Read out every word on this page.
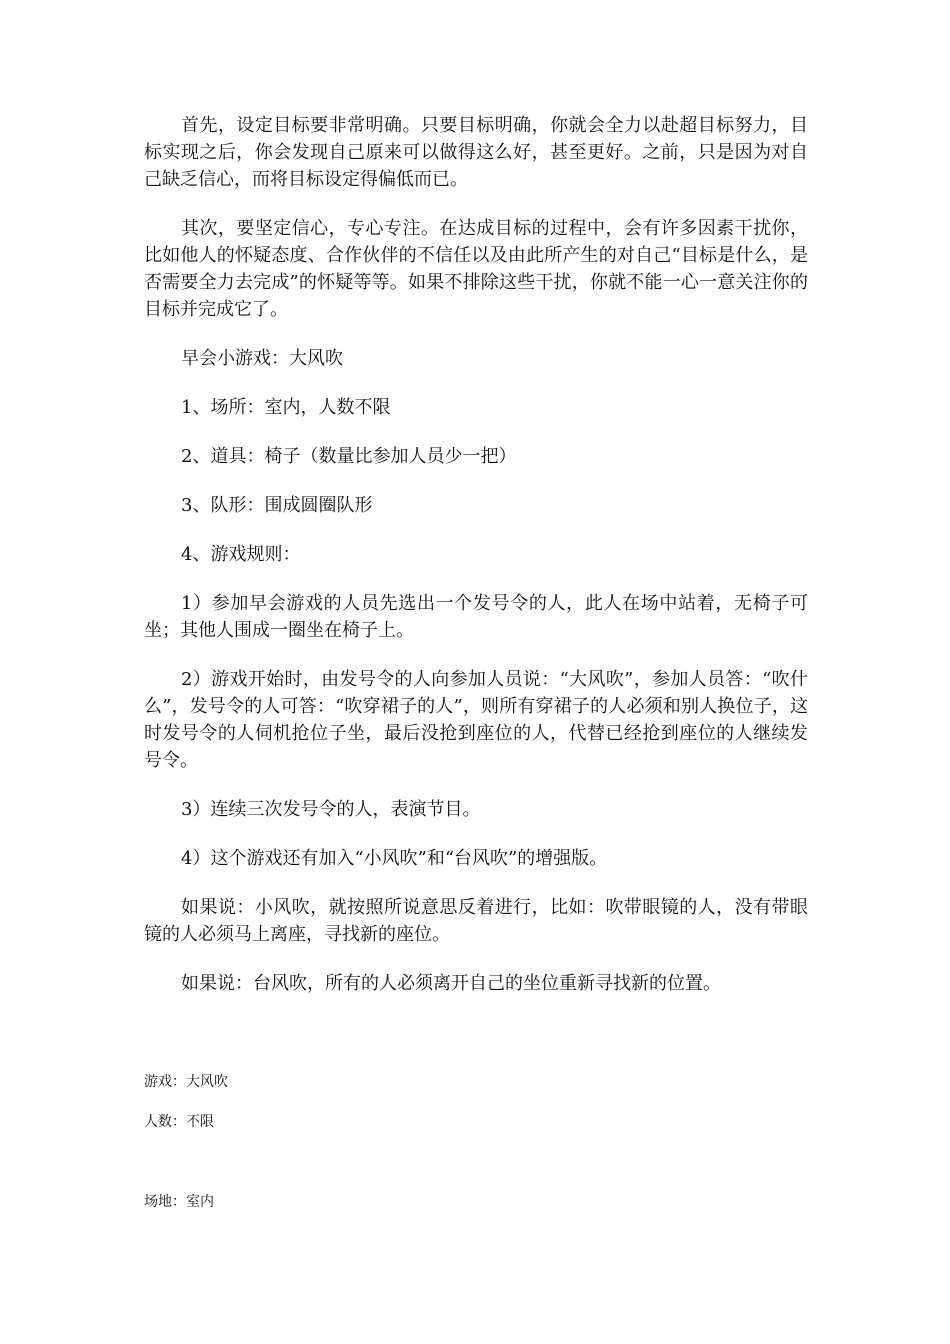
首先，设定目标要非常明确。只要目标明确，你就会全力以赴超目标努力，目标实现之后，你会发现自己原来可以做得这么好，甚至更好。之前，只是因为对自己缺乏信心，而将目标设定得偏低而已。

其次，要坚定信心，专心专注。在达成目标的过程中，会有许多因素干扰你，比如他人的怀疑态度、合作伙伴的不信任以及由此所产生的对自己“目标是什么，是否需要全力去完成”的怀疑等等。如果不排除这些干扰，你就不能一心一意关注你的目标并完成它了。

早会小游戏：大风吹

1、场所：室内，人数不限

2、道具：椅子（数量比参加人员少一把）

3、队形：围成圆圈队形

4、游戏规则：

1）参加早会游戏的人员先选出一个发号令的人，此人在场中站着，无椅子可坐；其他人围成一圈坐在椅子上。

2）游戏开始时，由发号令的人向参加人员说：“大风吹”，参加人员答：“吹什么”，发号令的人可答：“吹穿裙子的人”，则所有穿裙子的人必须和别人换位子，这时发号令的人伺机抢位子坐，最后没抢到座位的人，代替已经抢到座位的人继续发号令。

3）连续三次发号令的人，表演节目。

4）这个游戏还有加入“小风吹”和“台风吹”的增强版。

如果说：小风吹，就按照所说意思反着进行，比如：吹带眼镜的人，没有带眼镜的人必须马上离座，寻找新的座位。

如果说：台风吹，所有的人必须离开自己的坐位重新寻找新的位置。

游戏：大风吹

人数：不限

场地：室内
